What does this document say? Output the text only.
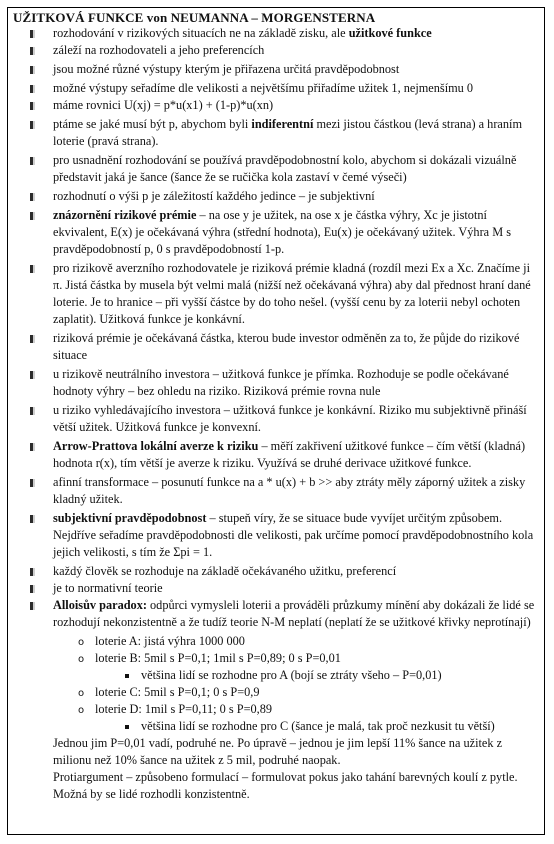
UŽITKOVÁ FUNKCE von NEUMANNA – MORGENSTERNA
rozhodování v rizikových situacích ne na základě zisku, ale užitkové funkce
záleží na rozhodovateli a jeho preferencích
jsou možné různé výstupy kterým je přiřazena určitá pravděpodobnost
možné výstupy seřadíme dle velikosti a největšímu přiřadíme užitek 1, nejmenšímu 0
máme rovnici U(xj) = p*u(x1) + (1-p)*u(xn)
ptáme se jaké musí být p, abychom byli indiferentní mezi jistou částkou (levá strana) a hraním loterie (pravá strana).
pro usnadnění rozhodování se používá pravděpodobnostní kolo, abychom si dokázali vizuálně představit jaká je šance (šance že se ručička kola zastaví v čemé výseči)
rozhodnutí o výši p je záležitostí každého jedince – je subjektivní
znázornění rizikové prémie – na ose y je užitek, na ose x je částka výhry, Xc je jistotní ekvivalent, E(x) je očekávaná výhra (střední hodnota), Eu(x) je očekávaný užitek. Výhra M s pravděpodobností p, 0 s pravděpodobností 1-p.
pro rizikově averzního rozhodovatele je riziková prémie kladná (rozdíl mezi Ex a Xc. Značíme ji π. Jistá částka by musela být velmi malá (nižší než očekávaná výhra) aby dal přednost hraní dané loterie. Je to hranice – při vyšší částce by do toho nešel. (vyšší cenu by za loterii nebyl ochoten zaplatit). Užitková funkce je konkávní.
riziková prémie je očekávaná částka, kterou bude investor odměněn za to, že půjde do rizikové situace
u rizikově neutrálního investora – užitková funkce je přímka. Rozhoduje se podle očekávané hodnoty výhry – bez ohledu na riziko. Riziková prémie rovna nule
u riziko vyhledávajícího investora – užitková funkce je konkávní. Riziko mu subjektivně přináší větší užitek. Užitková funkce je konvexní.
Arrow-Prattova lokální averze k riziku – měří zakřivení užitkové funkce – čím větší (kladná) hodnota r(x), tím větší je averze k riziku. Využívá se druhé derivace užitkové funkce.
afinní transformace – posunutí funkce na a * u(x) + b >> aby ztráty měly záporný užitek a zisky kladný užitek.
subjektivní pravděpodobnost – stupeň víry, že se situace bude vyvíjet určitým způsobem. Nejdříve seřadíme pravděpodobnosti dle velikosti, pak určíme pomocí pravděpodobnostního kola jejich velikosti, s tím že Σpi = 1.
každý člověk se rozhoduje na základě očekávaného užitku, preferencí
je to normativní teorie
Alloisův paradox: odpůrci vymysleli loterii a prováděli průzkumy mínění aby dokázali že lidé se rozhodují nekonzistentně a že tudíž teorie N-M neplatí (neplatí že se užitkové křivky neprotínají)
o loterie A: jistá výhra 1000 000
o loterie B: 5mil s P=0,1; 1mil s P=0,89; 0 s P=0,01
většina lidí se rozhodne pro A (bojí se ztráty všeho – P=0,01)
o loterie C: 5mil s P=0,1; 0 s P=0,9
o loterie D: 1mil s P=0,11; 0 s P=0,89
většina lidí se rozhodne pro C (šance je malá, tak proč nezkusit tu větší)
Jednou jim P=0,01 vadí, podruhé ne. Po úpravě – jednou je jim lepší 11% šance na užitek z milionu než 10% šance na užitek z 5 mil, podruhé naopak.
Protiargument – způsobeno formulací – formulovat pokus jako tahání barevných koulí z pytle. Možná by se lidé rozhodli konzistentně.
